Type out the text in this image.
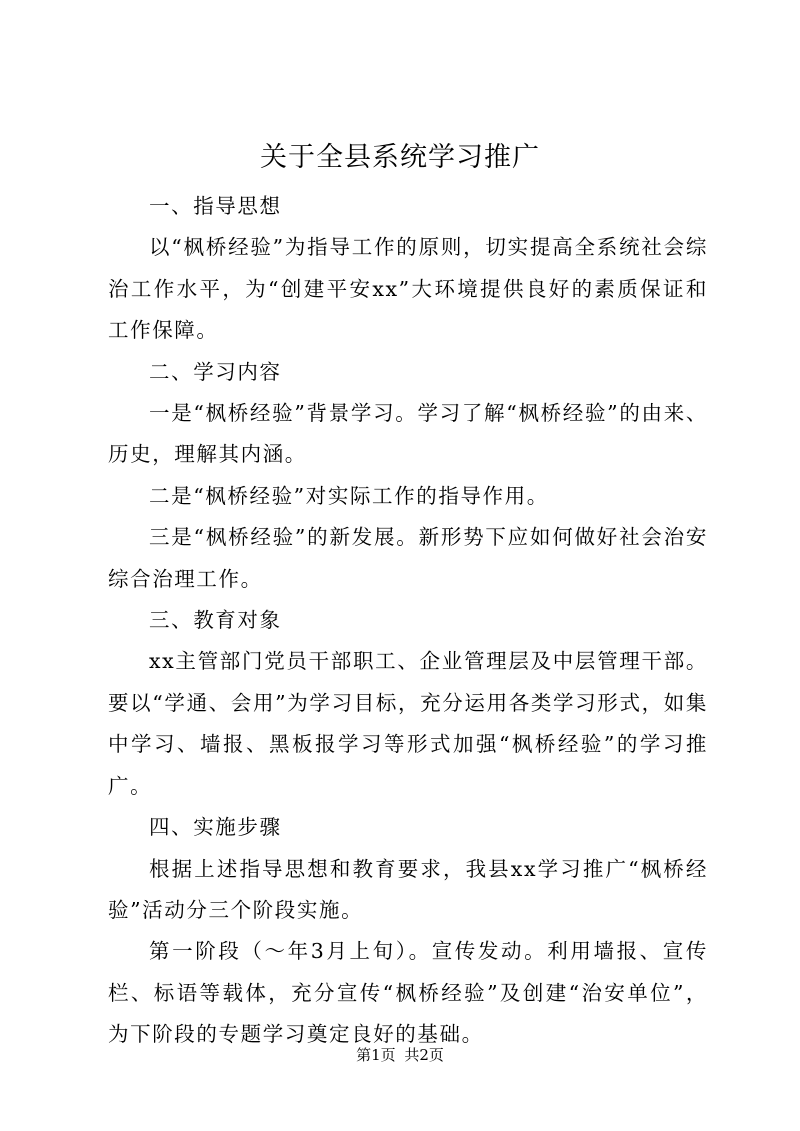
关于全县系统学习推广

一、指导思想

以“枫桥经验”为指导工作的原则，切实提高全系统社会综治工作水平，为“创建平安xx”大环境提供良好的素质保证和工作保障。

二、学习内容

一是“枫桥经验”背景学习。学习了解“枫桥经验”的由来、历史，理解其内涵。

二是“枫桥经验”对实际工作的指导作用。

三是“枫桥经验”的新发展。新形势下应如何做好社会治安综合治理工作。

三、教育对象

xx主管部门党员干部职工、企业管理层及中层管理干部。要以“学通、会用”为学习目标，充分运用各类学习形式，如集中学习、墙报、黑板报学习等形式加强“枫桥经验”的学习推广。

四、实施步骤

根据上述指导思想和教育要求，我县xx学习推广“枫桥经验”活动分三个阶段实施。

第一阶段（～年3月上旬）。宣传发动。利用墙报、宣传栏、标语等载体，充分宣传“枫桥经验”及创建“治安单位”，为下阶段的专题学习奠定良好的基础。

第1页 共2页
